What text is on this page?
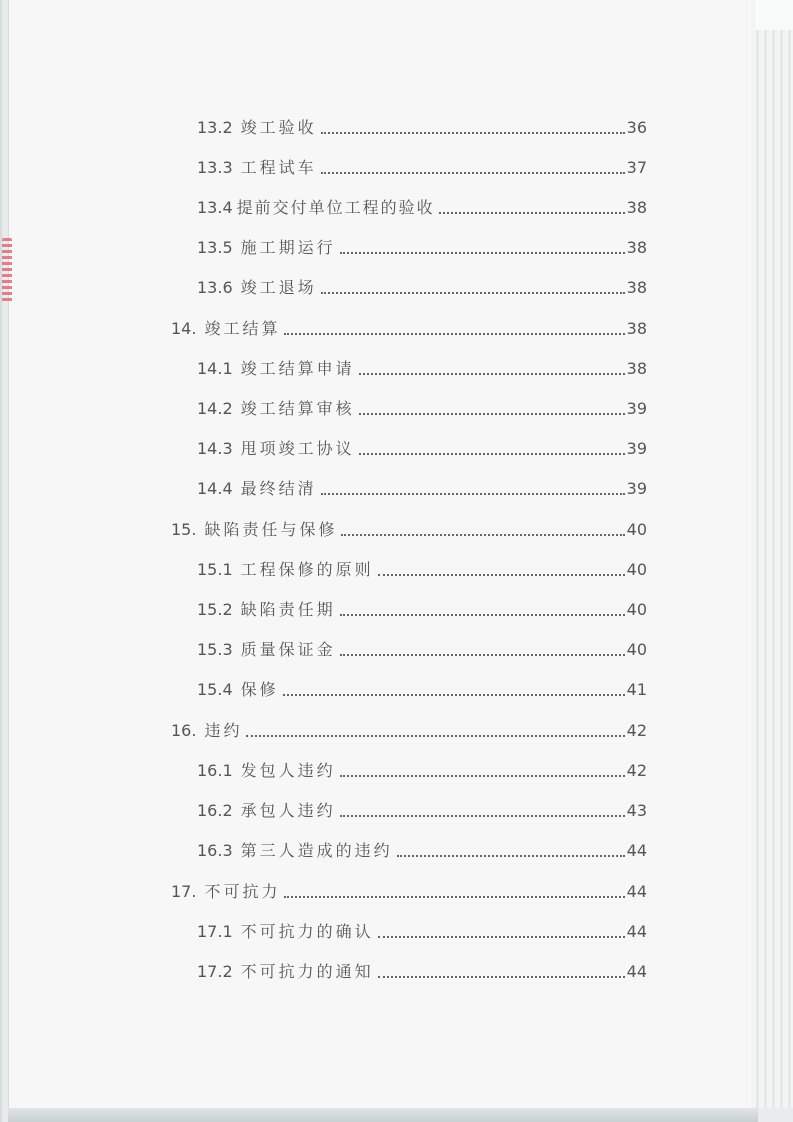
13.2 竣工验收	36
13.3 工程试车	37
13.4 提前交付单位工程的验收	38
13.5 施工期运行	38
13.6 竣工退场	38
14. 竣工结算	38
14.1 竣工结算申请	38
14.2 竣工结算审核	39
14.3 甩项竣工协议	39
14.4 最终结清	39
15. 缺陷责任与保修	40
15.1 工程保修的原则	40
15.2 缺陷责任期	40
15.3 质量保证金	40
15.4 保修	41
16. 违约	42
16.1 发包人违约	42
16.2 承包人违约	43
16.3 第三人造成的违约	44
17. 不可抗力	44
17.1 不可抗力的确认	44
17.2 不可抗力的通知	44
